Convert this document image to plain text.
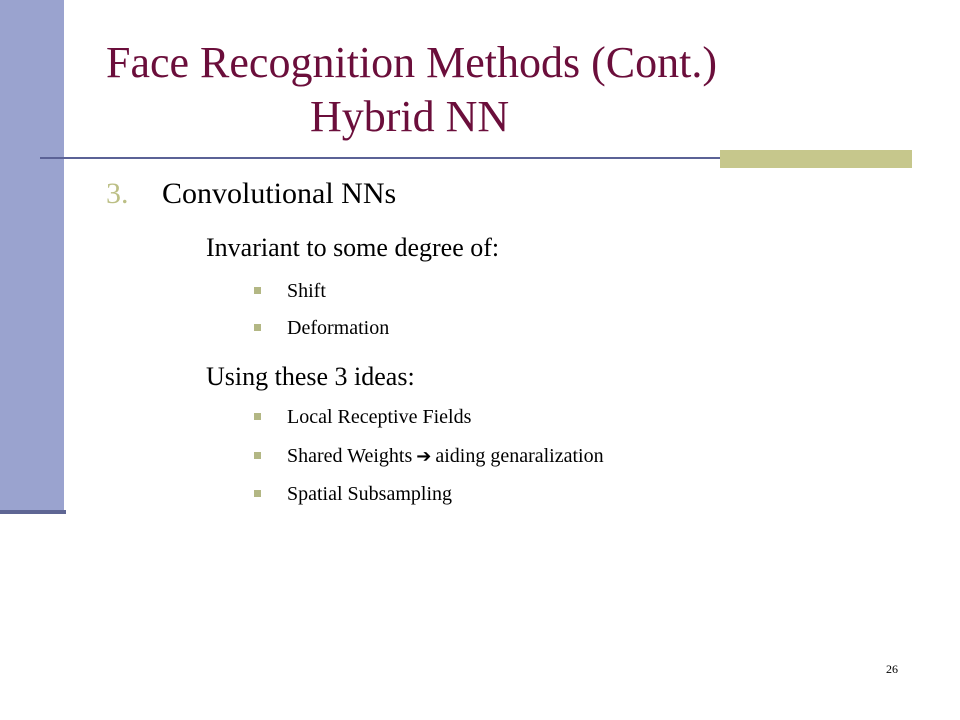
Face Recognition Methods (Cont.)
Hybrid NN
3. Convolutional NNs
Invariant to some degree of:
Shift
Deformation
Using these 3 ideas:
Local Receptive Fields
Shared Weights ➔ aiding genaralization
Spatial Subsampling
26
